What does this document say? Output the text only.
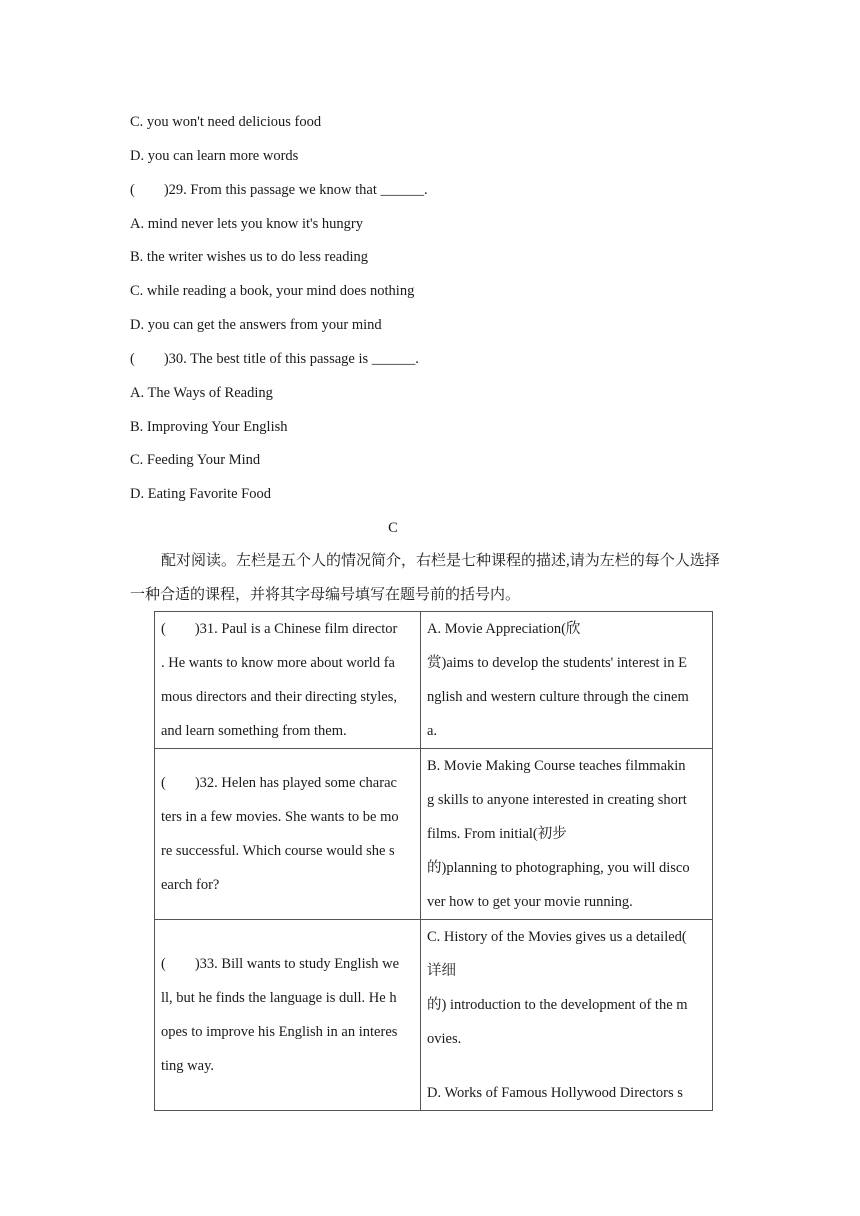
C. you won't need delicious food
D. you can learn more words
(        )29. From this passage we know that ______.
A. mind never lets you know it's hungry
B. the writer wishes us to do less reading
C. while reading a book, your mind does nothing
D. you can get the answers from your mind
(        )30. The best title of this passage is ______.
A. The Ways of Reading
B. Improving Your English
C. Feeding Your Mind
D. Eating Favorite Food
C
配对阅读。左栏是五个人的情况简介，右栏是七种课程的描述,请为左栏的每个人选择
一种合适的课程，并将其字母编号填写在题号前的括号内。
(        )31. Paul is a Chinese film director
. He wants to know more about world fa
mous directors and their directing styles,
and learn something from them.	A. Movie Appreciation(欣
赏)aims to develop the students' interest in E
nglish and western culture through the cinem
a.

(        )32. Helen has played some charac
ters in a few movies. She wants to be mo
re successful. Which course would she s
earch for?	B. Movie Making Course teaches filmmakin
g skills to anyone interested in creating short
films. From initial(初步
的)planning to photographing, you will disco
ver how to get your movie running.

(        )33. Bill wants to study English we
ll, but he finds the language is dull. He h
opes to improve his English in an interes
ting way.	C. History of the Movies gives us a detailed(
详细
的) introduction to the development of the m
ovies.
D. Works of Famous Hollywood Directors s
